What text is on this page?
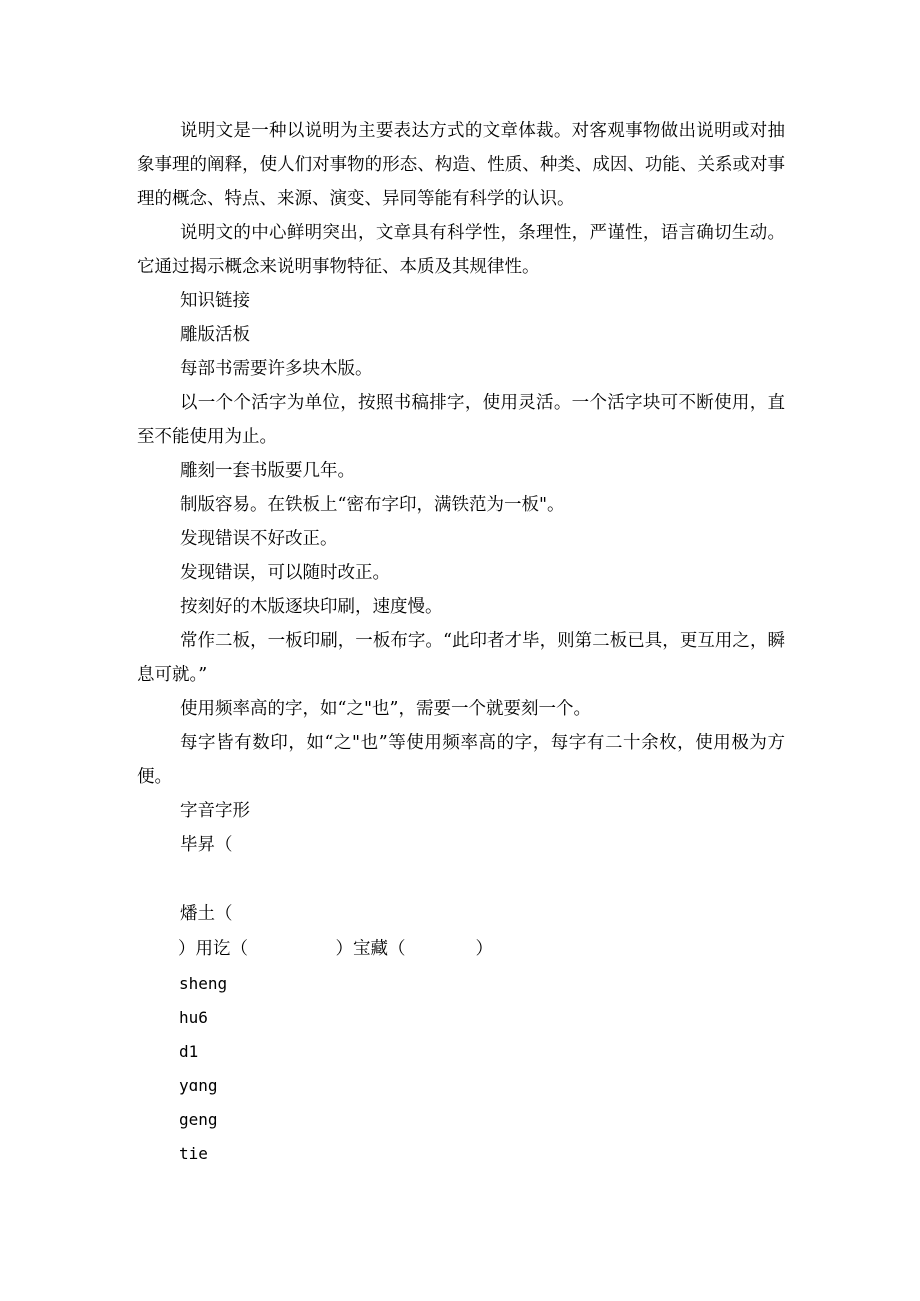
说明文是一种以说明为主要表达方式的文章体裁。对客观事物做出说明或对抽象事理的阐释，使人们对事物的形态、构造、性质、种类、成因、功能、关系或对事理的概念、特点、来源、演变、异同等能有科学的认识。

说明文的中心鲜明突出，文章具有科学性，条理性，严谨性，语言确切生动。它通过揭示概念来说明事物特征、本质及其规律性。

知识链接

雕版活板

每部书需要许多块木版。

以一个个活字为单位，按照书稿排字，使用灵活。一个活字块可不断使用，直至不能使用为止。

雕刻一套书版要几年。

制版容易。在铁板上“密布字印，满铁范为一板"。

发现错误不好改正。

发现错误，可以随时改正。

按刻好的木版逐块印刷，速度慢。

常作二板，一板印刷，一板布字。“此印者才毕，则第二板已具，更互用之，瞬息可就。”

使用频率高的字，如“之"也”，需要一个就要刻一个。

每字皆有数印，如“之"也”等使用频率高的字，每字有二十余枚，使用极为方便。

字音字形

毕昇（

燔土（
）用讫（　　　　　）宝藏（　　　　）
sheng
hu6
d1
yɑng
geng
tie
